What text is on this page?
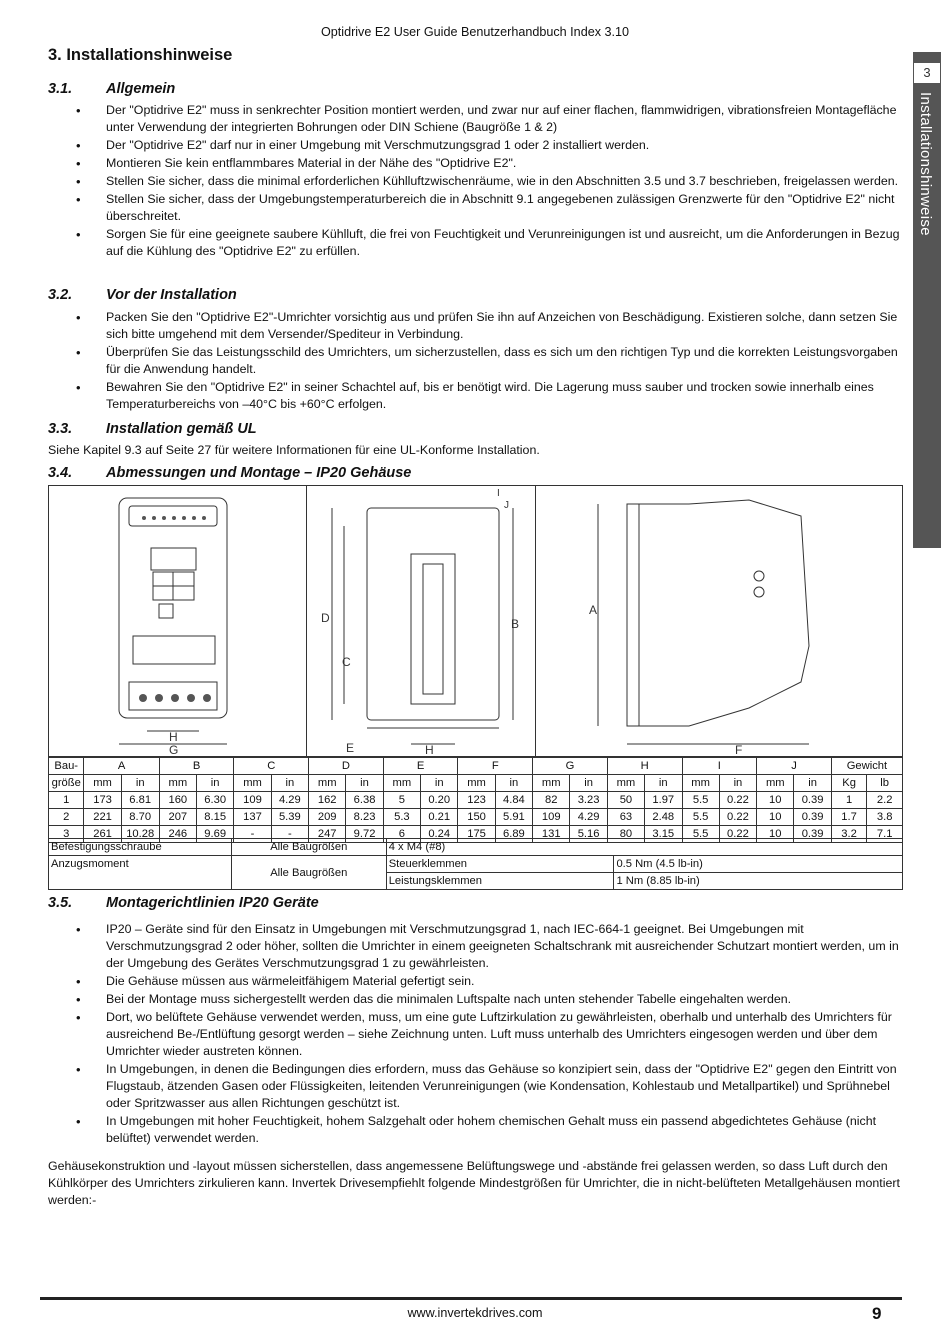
Optidrive E2 User Guide Benutzerhandbuch Index 3.10
3
Installationshinweise
3. Installationshinweise
3.1. Allgemein
• Der "Optidrive E2" muss in senkrechter Position montiert werden, und zwar nur auf einer flachen, flammwidrigen, vibrationsfreien Montagefläche unter Verwendung der integrierten Bohrungen oder DIN Schiene (Baugröße 1 & 2)
• Der "Optidrive E2" darf nur in einer Umgebung mit Verschmutzungsgrad 1 oder 2 installiert werden.
• Montieren Sie kein entflammbares Material in der Nähe des "Optidrive E2".
• Stellen Sie sicher, dass die minimal erforderlichen Kühlluftzwischenräume, wie in den Abschnitten 3.5 und 3.7 beschrieben, freigelassen werden.
• Stellen Sie sicher, dass der Umgebungstemperaturbereich die in Abschnitt 9.1 angegebenen zulässigen Grenzwerte für den "Optidrive E2" nicht überschreitet.
• Sorgen Sie für eine geeignete saubere Kühlluft, die frei von Feuchtigkeit und Verunreinigungen ist und ausreicht, um die Anforderungen in Bezug auf die Kühlung des "Optidrive E2" zu erfüllen.
3.2. Vor der Installation
• Packen Sie den "Optidrive E2"-Umrichter vorsichtig aus und prüfen Sie ihn auf Anzeichen von Beschädigung. Existieren solche, dann setzen Sie sich bitte umgehend mit dem Versender/Spediteur in Verbindung.
• Überprüfen Sie das Leistungsschild des Umrichters, um sicherzustellen, dass es sich um den richtigen Typ und die korrekten Leistungsvorgaben für die Anwendung handelt.
• Bewahren Sie den "Optidrive E2" in seiner Schachtel auf, bis er benötigt wird. Die Lagerung muss sauber und trocken sowie innerhalb eines Temperaturbereichs von –40°C bis +60°C erfolgen.
3.3. Installation gemäß UL
Siehe Kapitel 9.3 auf Seite 27 für weitere Informationen für eine UL-Konforme Installation.
3.4. Abmessungen und Montage – IP20 Gehäuse
H
G
D
C
B
E	H
I
J
A
F
Bau-	A		B		C		D		E		F		G		H		I		J		Gewicht	
größe	mm	in	mm	in	mm	in	mm	in	mm	in	mm	in	mm	in	mm	in	mm	in	mm	in	Kg	lb
1	173	6.81	160	6.30	109	4.29	162	6.38	5	0.20	123	4.84	82	3.23	50	1.97	5.5	0.22	10	0.39	1	2.2
2	221	8.70	207	8.15	137	5.39	209	8.23	5.3	0.21	150	5.91	109	4.29	63	2.48	5.5	0.22	10	0.39	1.7	3.8
3	261	10.28	246	9.69	-	-	247	9.72	6	0.24	175	6.89	131	5.16	80	3.15	5.5	0.22	10	0.39	3.2	7.1
Befestigungsschraube	Alle Baugrößen	4 x M4 (#8)	
Anzugsmoment	Alle Baugrößen	Steuerklemmen	0.5 Nm (4.5 lb-in)
		Leistungsklemmen	1 Nm (8.85 lb-in)
3.5. Montagerichtlinien IP20 Geräte
• IP20 – Geräte sind für den Einsatz in Umgebungen mit Verschmutzungsgrad 1, nach IEC-664-1 geeignet. Bei Umgebungen mit Verschmutzungsgrad 2 oder höher, sollten die Umrichter in einem geeigneten Schaltschrank mit ausreichender Schutzart montiert werden, um in der Umgebung des Gerätes Verschmutzungsgrad 1 zu gewährleisten.
• Die Gehäuse müssen aus wärmeleitfähigem Material gefertigt sein.
• Bei der Montage muss sichergestellt werden das die minimalen Luftspalte nach unten stehender Tabelle eingehalten werden.
• Dort, wo belüftete Gehäuse verwendet werden, muss, um eine gute Luftzirkulation zu gewährleisten, oberhalb und unterhalb des Umrichters für ausreichend Be-/Entlüftung gesorgt werden – siehe Zeichnung unten. Luft muss unterhalb des Umrichters eingesogen werden und über dem Umrichter wieder austreten können.
• In Umgebungen, in denen die Bedingungen dies erfordern, muss das Gehäuse so konzipiert sein, dass der "Optidrive E2" gegen den Eintritt von Flugstaub, ätzenden Gasen oder Flüssigkeiten, leitenden Verunreinigungen (wie Kondensation, Kohlestaub und Metallpartikel) und Sprühnebel oder Spritzwasser aus allen Richtungen geschützt ist.
• In Umgebungen mit hoher Feuchtigkeit, hohem Salzgehalt oder hohem chemischen Gehalt muss ein passend abgedichtetes Gehäuse (nicht belüftet) verwendet werden.
Gehäusekonstruktion und -layout müssen sicherstellen, dass angemessene Belüftungswege und -abstände frei gelassen werden, so dass Luft durch den Kühlkörper des Umrichters zirkulieren kann. Invertek Drivesempfiehlt folgende Mindestgrößen für Umrichter, die in nicht-belüfteten Metallgehäusen montiert werden:-
www.invertekdrives.com	9
